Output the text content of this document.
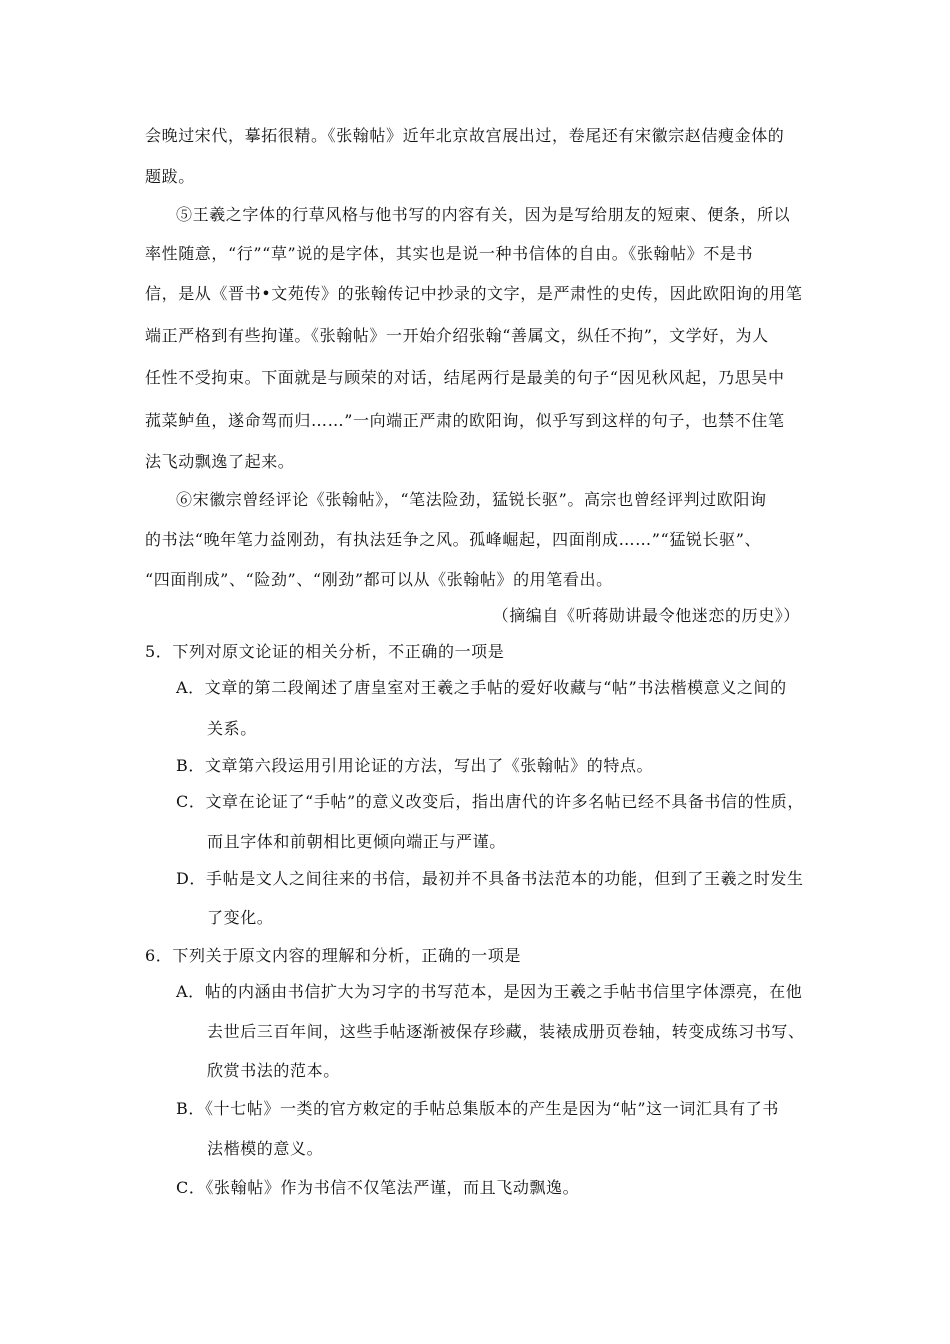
会晚过宋代，摹拓很精。《张翰帖》近年北京故宫展出过，卷尾还有宋徽宗赵佶瘦金体的
题跋。
⑤王羲之字体的行草风格与他书写的内容有关，因为是写给朋友的短柬、便条，所以
率性随意，“行”“草”说的是字体，其实也是说一种书信体的自由。《张翰帖》不是书
信，是从《晋书•文苑传》的张翰传记中抄录的文字，是严肃性的史传，因此欧阳询的用笔
端正严格到有些拘谨。《张翰帖》一开始介绍张翰“善属文，纵任不拘”，文学好，为人
任性不受拘束。下面就是与顾荣的对话，结尾两行是最美的句子“因见秋风起，乃思吴中
菰菜鲈鱼，遂命驾而归……”一向端正严肃的欧阳询，似乎写到这样的句子，也禁不住笔
法飞动飘逸了起来。
⑥宋徽宗曾经评论《张翰帖》，“笔法险劲，猛锐长驱”。高宗也曾经评判过欧阳询
的书法“晚年笔力益刚劲，有执法廷争之风。孤峰崛起，四面削成……”“猛锐长驱”、
“四面削成”、“险劲”、“刚劲”都可以从《张翰帖》的用笔看出。
（摘编自《听蒋勋讲最令他迷恋的历史》）
5．下列对原文论证的相关分析，不正确的一项是
A．文章的第二段阐述了唐皇室对王羲之手帖的爱好收藏与“帖”书法楷模意义之间的
关系。
B．文章第六段运用引用论证的方法，写出了《张翰帖》的特点。
C．文章在论证了“手帖”的意义改变后，指出唐代的许多名帖已经不具备书信的性质，
而且字体和前朝相比更倾向端正与严谨。
D．手帖是文人之间往来的书信，最初并不具备书法范本的功能，但到了王羲之时发生
了变化。
6．下列关于原文内容的理解和分析，正确的一项是
A．帖的内涵由书信扩大为习字的书写范本，是因为王羲之手帖书信里字体漂亮，在他
去世后三百年间，这些手帖逐渐被保存珍藏，装裱成册页卷轴，转变成练习书写、
欣赏书法的范本。
B．《十七帖》一类的官方敕定的手帖总集版本的产生是因为“帖”这一词汇具有了书
法楷模的意义。
C．《张翰帖》作为书信不仅笔法严谨，而且飞动飘逸。
